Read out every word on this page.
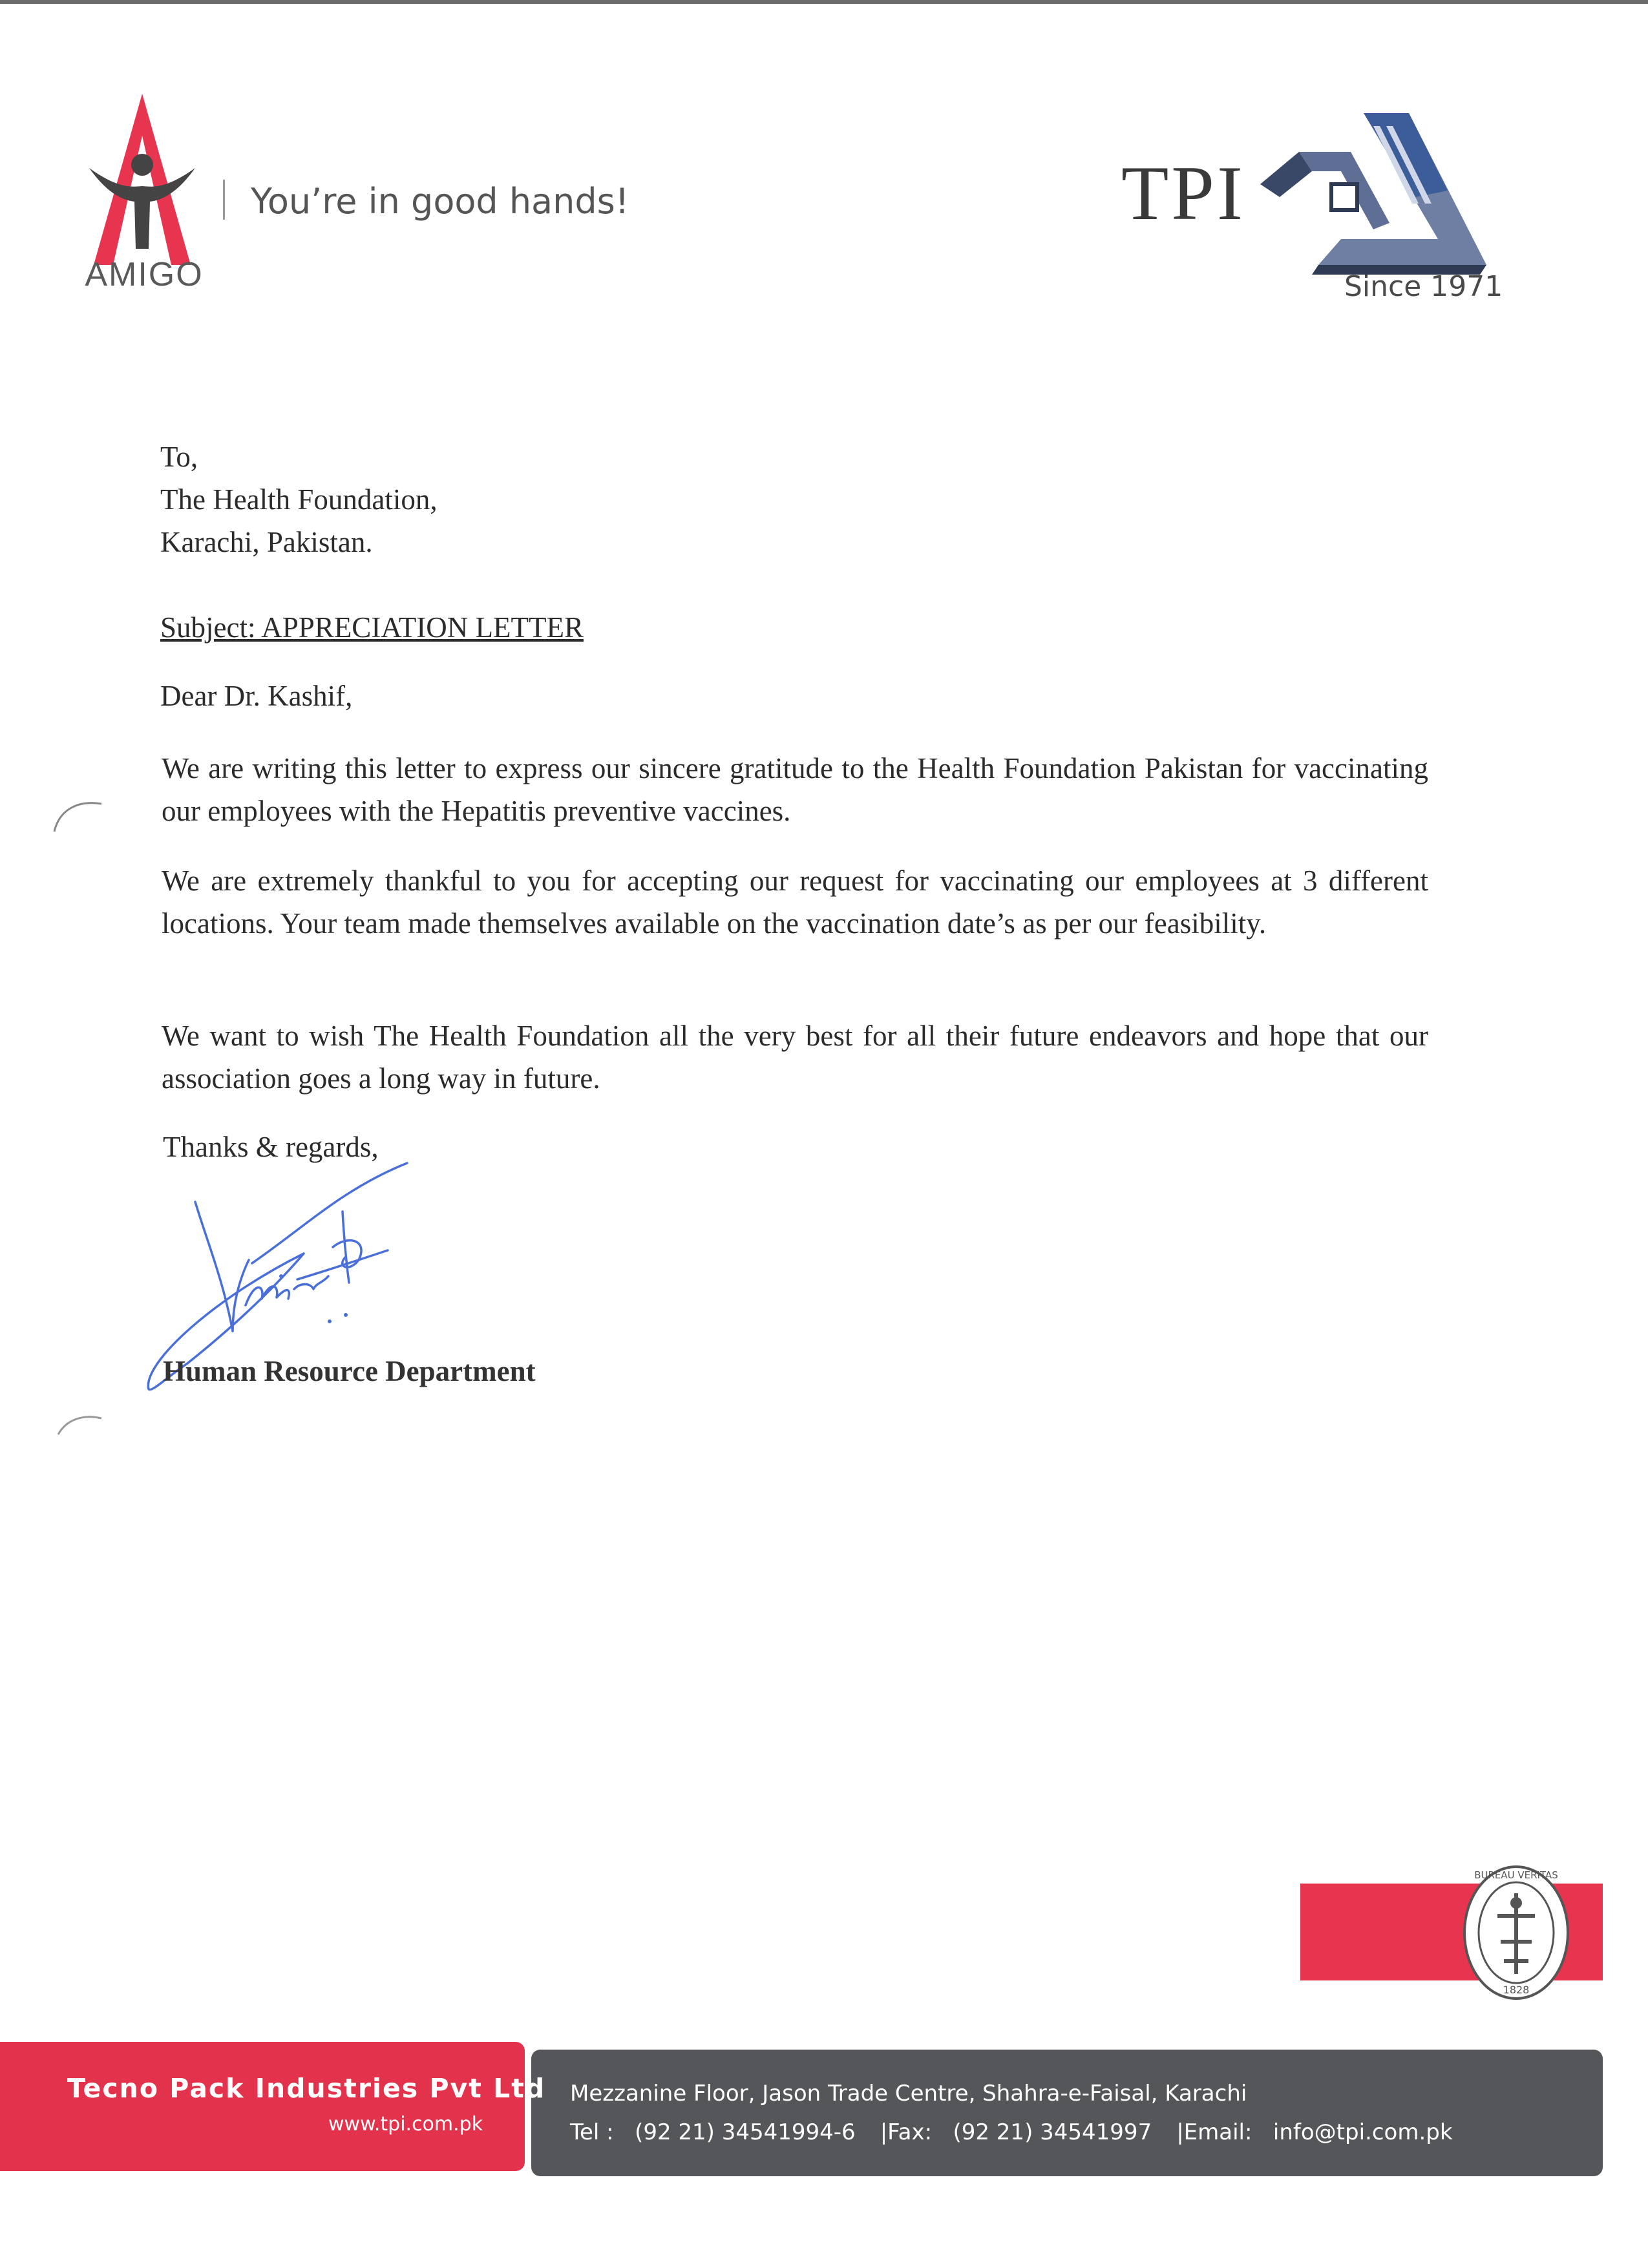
AMIGO
You’re in good hands!	TPI
Since 1971
To,
The Health Foundation,
Karachi, Pakistan.
Subject: APPRECIATION LETTER
Dear Dr. Kashif,
We are writing this letter to express our sincere gratitude to the Health Foundation Pakistan for vaccinating our employees with the Hepatitis preventive vaccines.
We are extremely thankful to you for accepting our request for vaccinating our employees at 3 different locations. Your team made themselves available on the vaccination date’s as per our feasibility.
We want to wish The Health Foundation all the very best for all their future endeavors and hope that our association goes a long way in future.
Thanks & regards,
Human Resource Department
BUREAU VERITAS
1828
Tecno Pack Industries Pvt Ltd
www.tpi.com.pk
Mezzanine Floor, Jason Trade Centre, Shahra-e-Faisal, Karachi
Tel : (92 21) 34541994-6 |Fax: (92 21) 34541997 |Email: info@tpi.com.pk
